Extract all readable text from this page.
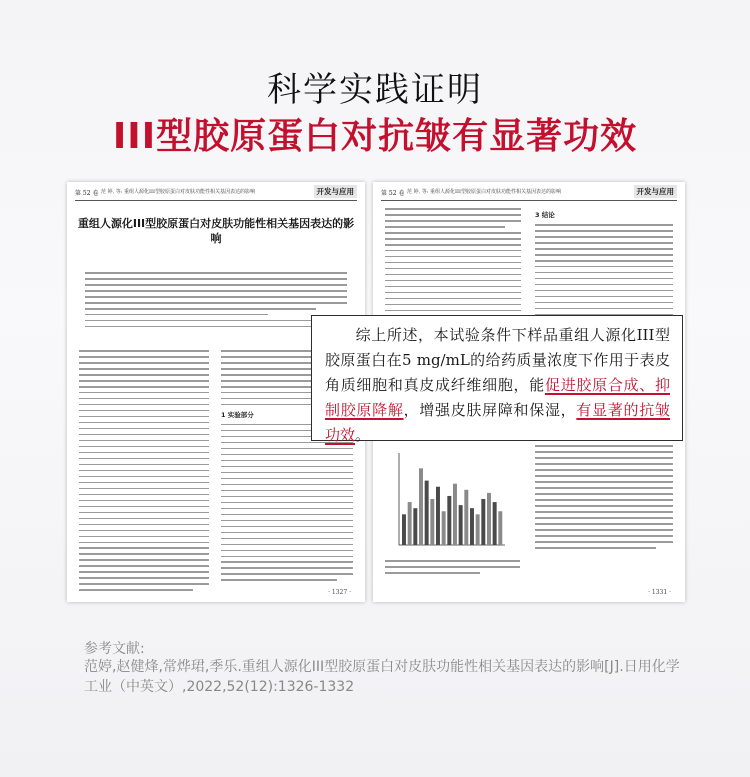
科学实践证明
III型胶原蛋白对抗皱有显著功效
第 52 卷 范 婷, 等: 重组人源化III型胶原蛋白对皮肤功能性相关基因表达的影响	开发与应用
重组人源化III型胶原蛋白对皮肤功能性相关基因表达的影响
1 实验部分
· 1327 ·
第 52 卷 范 婷, 等: 重组人源化III型胶原蛋白对皮肤功能性相关基因表达的影响	开发与应用
3 结论
· 1331 ·
综上所述，本试验条件下样品重组人源化III型胶原蛋白在5 mg/mL的给药质量浓度下作用于表皮角质细胞和真皮成纤维细胞，能促进胶原合成、抑制胶原降解，增强皮肤屏障和保湿，有显著的抗皱功效。
参考文献:
范婷,赵健烽,常烨珺,季乐.重组人源化III型胶原蛋白对皮肤功能性相关基因表达的影响[J].日用化学工业（中英文）,2022,52(12):1326-1332
